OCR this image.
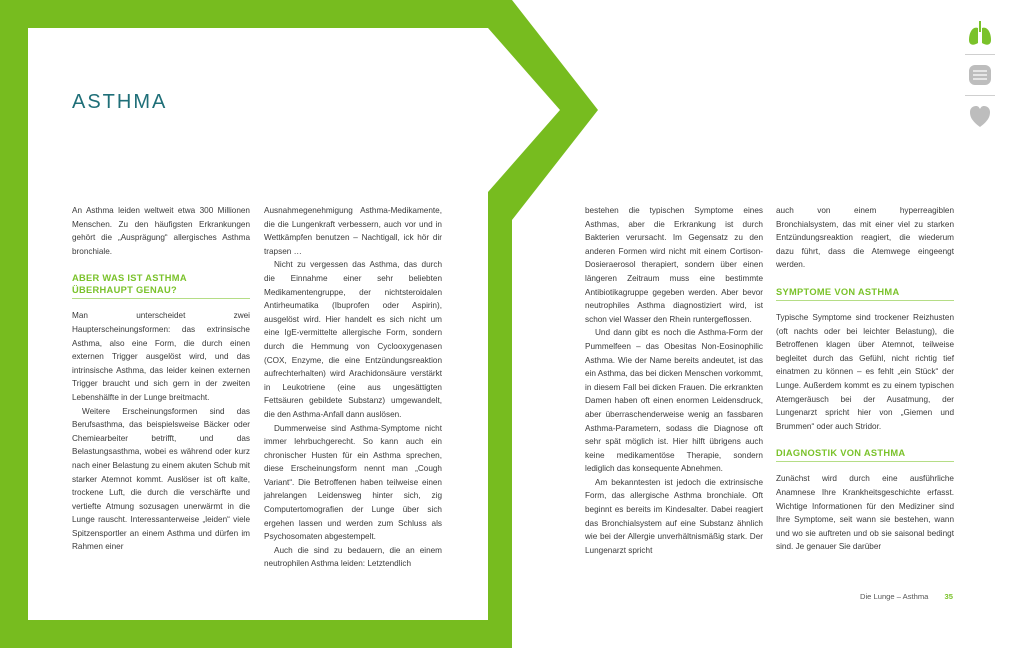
ASTHMA

An Asthma leiden weltweit etwa 300 Millionen Menschen. Zu den häufigsten Erkrankungen gehört die „Ausprägung“ allergisches Asthma bronchiale.

ABER WAS IST ASTHMA ÜBERHAUPT GENAU?

Man unterscheidet zwei Haupterscheinungsformen: das extrinsische Asthma, also eine Form, die durch einen externen Trigger ausgelöst wird, und das intrinsische Asthma, das leider keinen externen Trigger braucht und sich gern in der zweiten Lebenshälfte in der Lunge breitmacht.

Weitere Erscheinungsformen sind das Berufsasthma, das beispielsweise Bäcker oder Chemiearbeiter betrifft, und das Belastungsasthma, wobei es während oder kurz nach einer Belastung zu einem akuten Schub mit starker Atemnot kommt. Auslöser ist oft kalte, trockene Luft, die durch die verschärfte und vertiefte Atmung sozusagen unerwärmt in die Lunge rauscht. Interessanterweise „leiden“ viele Spitzensportler an einem Asthma und dürfen im Rahmen einer

Ausnahmegenehmigung Asthma-Medikamente, die die Lungenkraft verbessern, auch vor und in Wettkämpfen benutzen – Nachtigall, ick hör dir trapsen …

Nicht zu vergessen das Asthma, das durch die Einnahme einer sehr beliebten Medikamentengruppe, der nichtsteroidalen Antirheumatika (Ibuprofen oder Aspirin), ausgelöst wird. Hier handelt es sich nicht um eine IgE-vermittelte allergische Form, sondern durch die Hemmung von Cyclooxygenasen (COX, Enzyme, die eine Entzündungsreaktion aufrechterhalten) wird Arachidonsäure verstärkt in Leukotriene (eine aus ungesättigten Fettsäuren gebildete Substanz) umgewandelt, die den Asthma-Anfall dann auslösen.

Dummerweise sind Asthma-Symptome nicht immer lehrbuchgerecht. So kann auch ein chronischer Husten für ein Asthma sprechen, diese Erscheinungsform nennt man „Cough Variant“. Die Betroffenen haben teilweise einen jahrelangen Leidensweg hinter sich, zig Computertomografien der Lunge über sich ergehen lassen und werden zum Schluss als Psychosomaten abgestempelt.

Auch die sind zu bedauern, die an einem neutrophilen Asthma leiden: Letztendlich

bestehen die typischen Symptome eines Asthmas, aber die Erkrankung ist durch Bakterien verursacht. Im Gegensatz zu den anderen Formen wird nicht mit einem Cortison-Dosieraerosol therapiert, sondern über einen längeren Zeitraum muss eine bestimmte Antibiotikagruppe gegeben werden. Aber bevor neutrophiles Asthma diagnostiziert wird, ist schon viel Wasser den Rhein runtergeflossen.

Und dann gibt es noch die Asthma-Form der Pummelfeen – das Obesitas Non-Eosinophilic Asthma. Wie der Name bereits andeutet, ist das ein Asthma, das bei dicken Menschen vorkommt, in diesem Fall bei dicken Frauen. Die erkrankten Damen haben oft einen enormen Leidensdruck, aber überraschenderweise wenig an fassbaren Asthma-Parametern, sodass die Diagnose oft sehr spät möglich ist. Hier hilft übrigens auch keine medikamentöse Therapie, sondern lediglich das konsequente Abnehmen.

Am bekanntesten ist jedoch die extrinsische Form, das allergische Asthma bronchiale. Oft beginnt es bereits im Kindesalter. Dabei reagiert das Bronchialsystem auf eine Substanz ähnlich wie bei der Allergie unverhältnismäßig stark. Der Lungenarzt spricht

auch von einem hyperreagiblen Bronchialsystem, das mit einer viel zu starken Entzündungsreaktion reagiert, die wiederum dazu führt, dass die Atemwege eingeengt werden.

SYMPTOME VON ASTHMA

Typische Symptome sind trockener Reizhusten (oft nachts oder bei leichter Belastung), die Betroffenen klagen über Atemnot, teilweise begleitet durch das Gefühl, nicht richtig tief einatmen zu können – es fehlt „ein Stück“ der Lunge. Außerdem kommt es zu einem typischen Atemgeräusch bei der Ausatmung, der Lungenarzt spricht hier von „Giemen und Brummen“ oder auch Stridor.

DIAGNOSTIK VON ASTHMA

Zunächst wird durch eine ausführliche Anamnese Ihre Krankheitsgeschichte erfasst. Wichtige Informationen für den Mediziner sind Ihre Symptome, seit wann sie bestehen, wann und wo sie auftreten und ob sie saisonal bedingt sind. Je genauer Sie darüber

Die Lunge – Asthma 35
